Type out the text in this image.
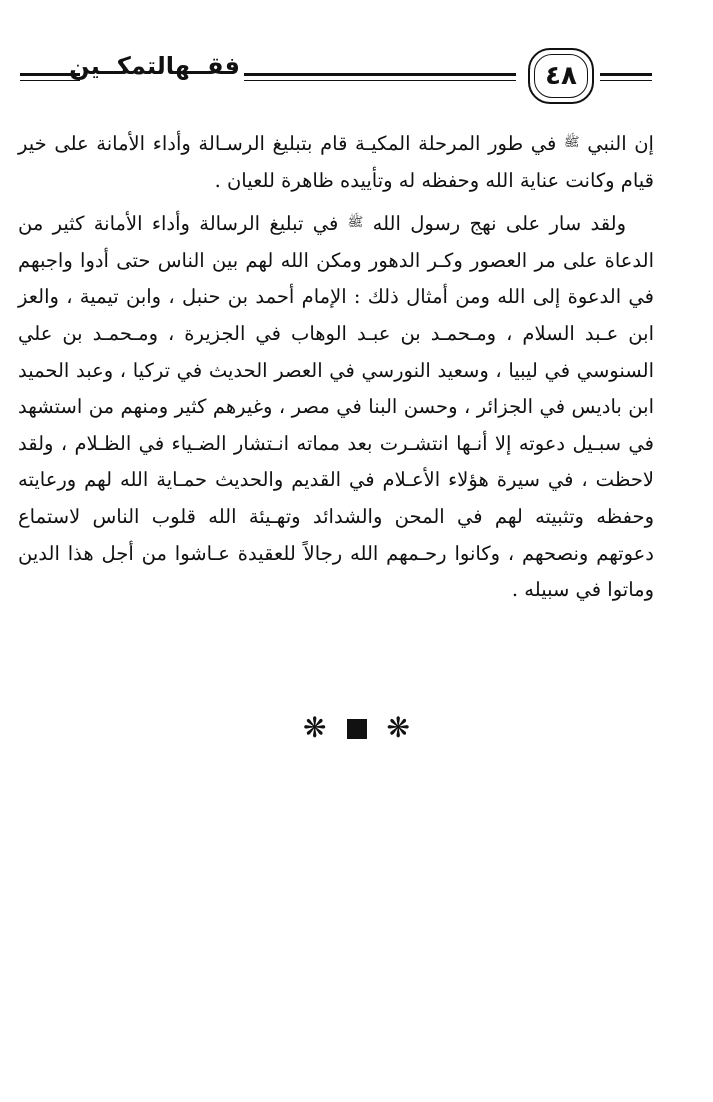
٤٨
فقــهالتمكــين

إن النبي $^ﷺ$ في طور المرحلة المكيـة قام بتبليغ الرسـالة وأداء الأمانة على خير قيام وكانت عناية الله وحفظه له وتأييده ظاهرة للعيان .

ولقد سار على نهج رسول الله $^ﷺ$ في تبليغ الرسالة وأداء الأمانة كثير من الدعاة على مر العصور وكـر الدهور ومكن الله لهم بين الناس حتى أدوا واجبهم في الدعوة إلى الله ومن أمثال ذلك : الإمام أحمد بن حنبل ، وابن تيمية ، والعز ابن عـبد السلام ، ومـحمـد بن عبـد الوهاب في الجزيرة ، ومـحمـد بن علي السنوسي في ليبيا ، وسعيد النورسي في العصر الحديث في تركيا ، وعبد الحميد ابن باديس في الجزائر ، وحسن البنا في مصر ، وغيرهم كثير ومنهم من استشهد في سبـيل دعوته إلا أنـها انتشـرت بعد مماته انـتشار الضـياء في الظـلام ، ولقد لاحظت ، في سيرة هؤلاء الأعـلام في القديم والحديث حمـاية الله لهم ورعايته وحفظه وتثبيته لهم في المحن والشدائد وتهـيئة الله قلوب الناس لاستماع دعوتهم ونصحهم ، وكانوا رحـمهم الله رجالاً للعقيدة عـاشوا من أجل هذا الدين وماتوا في سبيله .

❋ ❋
